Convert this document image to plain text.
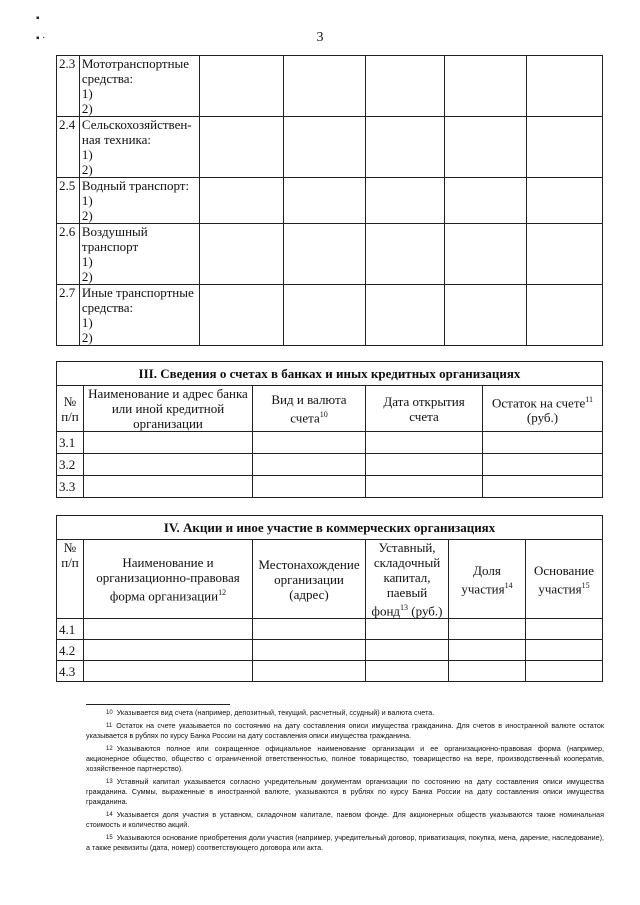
▪

▪ ·	3
2.3	Мототранспортные
средства:
1)
2)					

2.4	Сельскохозяйствен-
ная техника:
1)
2)					

2.5	Водный транспорт:
1)
2)					

2.6	Воздушный
транспорт
1)
2)					

2.7	Иные транспортные
средства:
1)
2)					

III. Сведения о счетах в банках и иных кредитных организациях				
№
п/п	Наименование и адрес банка или иной кредитной организации	Вид и валюта счета$^{10}$	Дата открытия счета	Остаток на счете$^{11}$
(руб.)
3.1				
3.2				
3.3				
IV. Акции и иное участие в коммерческих организациях					
№
п/п	Наименование и организационно-правовая форма организации$^{12}$	Местонахождение организации (адрес)	Уставный, складочный капитал, паевый фонд$^{13}$ (руб.)	Доля участия$^{14}$	Основание участия$^{15}$
4.1					
4.2					
4.3					

$^{10}$ Указывается вид счета (например, депозитный, текущий, расчетный, ссудный) и валюта счета.

$^{11}$ Остаток на счете указывается по состоянию на дату составления описи имущества гражданина. Для счетов в иностранной валюте остаток указывается в рублях по курсу Банка России на дату составления описи имущества гражданина.

$^{12}$ Указываются полное или сокращенное официальное наименование организации и ее организационно-правовая форма (например, акционерное общество, общество с ограниченной ответственностью, полное товарищество, товарищество на вере, производственный кооператив, хозяйственное партнерство).

$^{13}$ Уставный капитал указывается согласно учредительным документам организации по состоянию на дату составления описи имущества гражданина. Суммы, выраженные в иностранной валюте, указываются в рублях по курсу Банка России на дату составления описи имущества гражданина.

$^{14}$ Указывается доля участия в уставном, складочном капитале, паевом фонде. Для акционерных обществ указываются также номинальная стоимость и количество акций.

$^{15}$ Указываются основание приобретения доли участия (например, учредительный договор, приватизация, покупка, мена, дарение, наследование), а также реквизиты (дата, номер) соответствующего договора или акта.
